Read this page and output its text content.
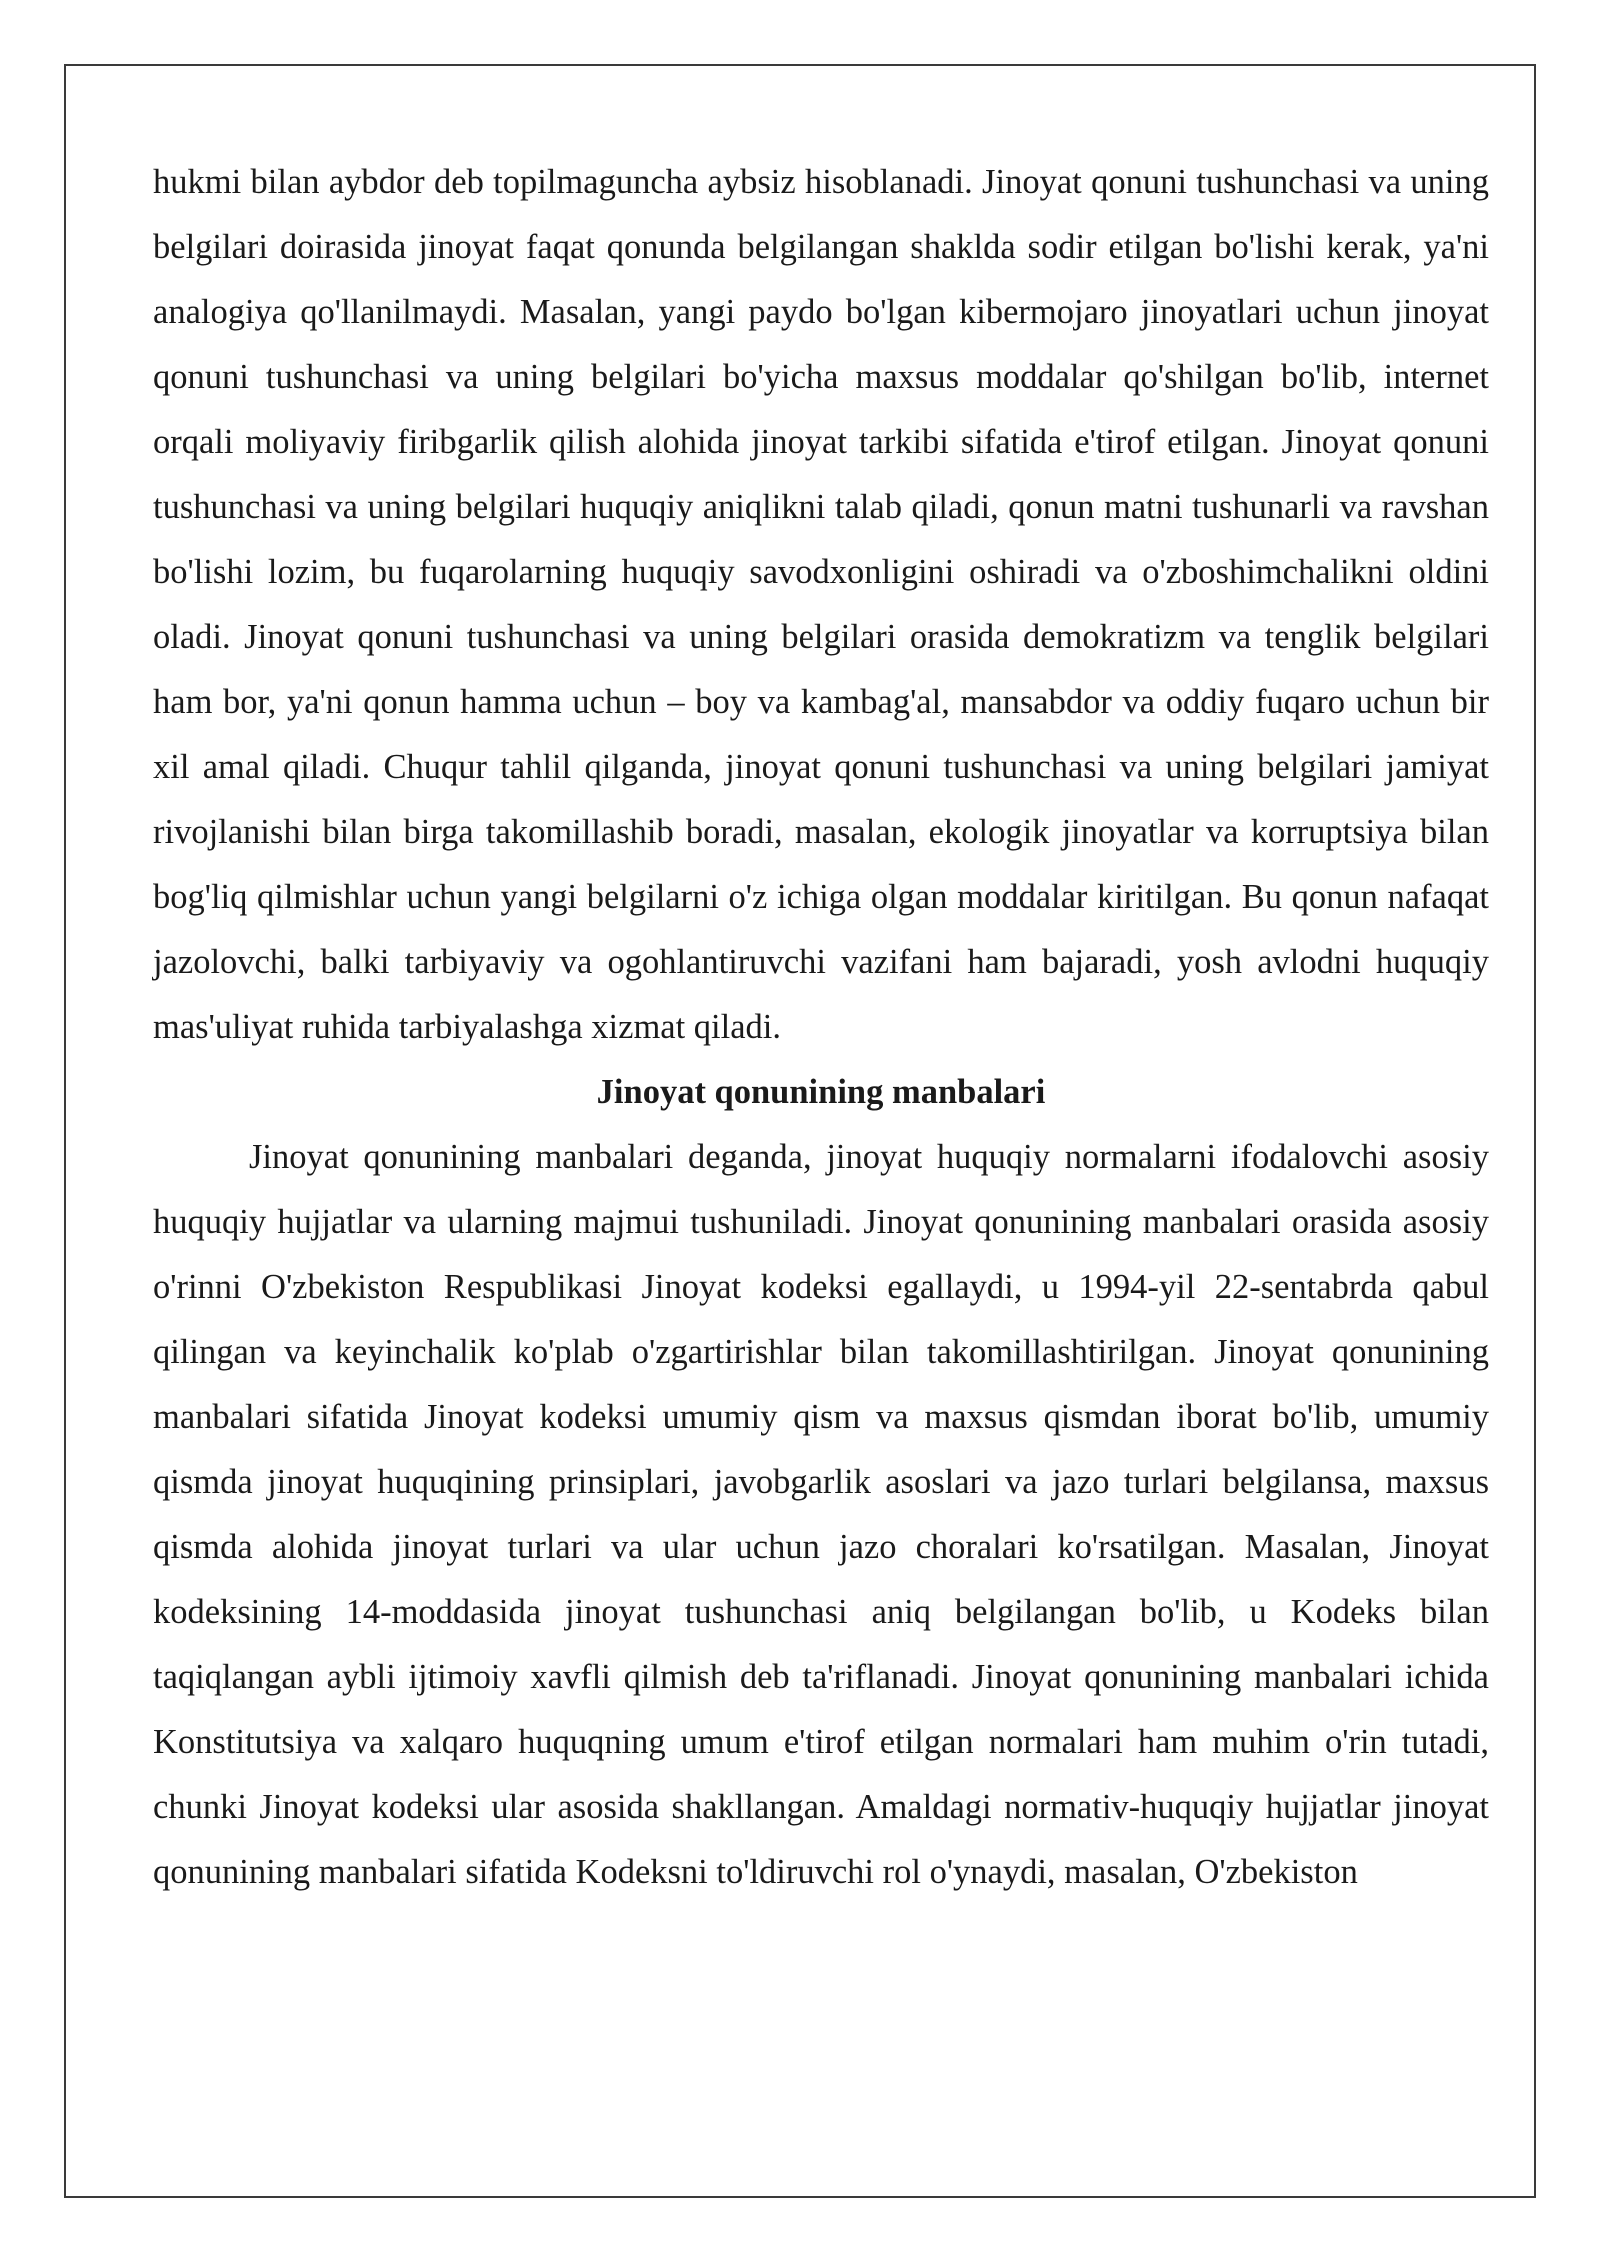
hukmi bilan aybdor deb topilmaguncha aybsiz hisoblanadi. Jinoyat qonuni tushunchasi va uning belgilari doirasida jinoyat faqat qonunda belgilangan shaklda sodir etilgan bo'lishi kerak, ya'ni analogiya qo'llanilmaydi. Masalan, yangi paydo bo'lgan kibermojaro jinoyatlari uchun jinoyat qonuni tushunchasi va uning belgilari bo'yicha maxsus moddalar qo'shilgan bo'lib, internet orqali moliyaviy firibgarlik qilish alohida jinoyat tarkibi sifatida e'tirof etilgan. Jinoyat qonuni tushunchasi va uning belgilari huquqiy aniqlikni talab qiladi, qonun matni tushunarli va ravshan bo'lishi lozim, bu fuqarolarning huquqiy savodxonligini oshiradi va o'zboshimchalikni oldini oladi. Jinoyat qonuni tushunchasi va uning belgilari orasida demokratizm va tenglik belgilari ham bor, ya'ni qonun hamma uchun – boy va kambag'al, mansabdor va oddiy fuqaro uchun bir xil amal qiladi. Chuqur tahlil qilganda, jinoyat qonuni tushunchasi va uning belgilari jamiyat rivojlanishi bilan birga takomillashib boradi, masalan, ekologik jinoyatlar va korruptsiya bilan bog'liq qilmishlar uchun yangi belgilarni o'z ichiga olgan moddalar kiritilgan. Bu qonun nafaqat jazolovchi, balki tarbiyaviy va ogohlantiruvchi vazifani ham bajaradi, yosh avlodni huquqiy mas'uliyat ruhida tarbiyalashga xizmat qiladi.

Jinoyat qonunining manbalari

Jinoyat qonunining manbalari deganda, jinoyat huquqiy normalarni ifodalovchi asosiy huquqiy hujjatlar va ularning majmui tushuniladi. Jinoyat qonunining manbalari orasida asosiy o'rinni O'zbekiston Respublikasi Jinoyat kodeksi egallaydi, u 1994-yil 22-sentabrda qabul qilingan va keyinchalik ko'plab o'zgartirishlar bilan takomillashtirilgan. Jinoyat qonunining manbalari sifatida Jinoyat kodeksi umumiy qism va maxsus qismdan iborat bo'lib, umumiy qismda jinoyat huquqining prinsiplari, javobgarlik asoslari va jazo turlari belgilansa, maxsus qismda alohida jinoyat turlari va ular uchun jazo choralari ko'rsatilgan. Masalan, Jinoyat kodeksining 14-moddasida jinoyat tushunchasi aniq belgilangan bo'lib, u Kodeks bilan taqiqlangan aybli ijtimoiy xavfli qilmish deb ta'riflanadi. Jinoyat qonunining manbalari ichida Konstitutsiya va xalqaro huquqning umum e'tirof etilgan normalari ham muhim o'rin tutadi, chunki Jinoyat kodeksi ular asosida shakllangan. Amaldagi normativ-huquqiy hujjatlar jinoyat qonunining manbalari sifatida Kodeksni to'ldiruvchi rol o'ynaydi, masalan, O'zbekiston
